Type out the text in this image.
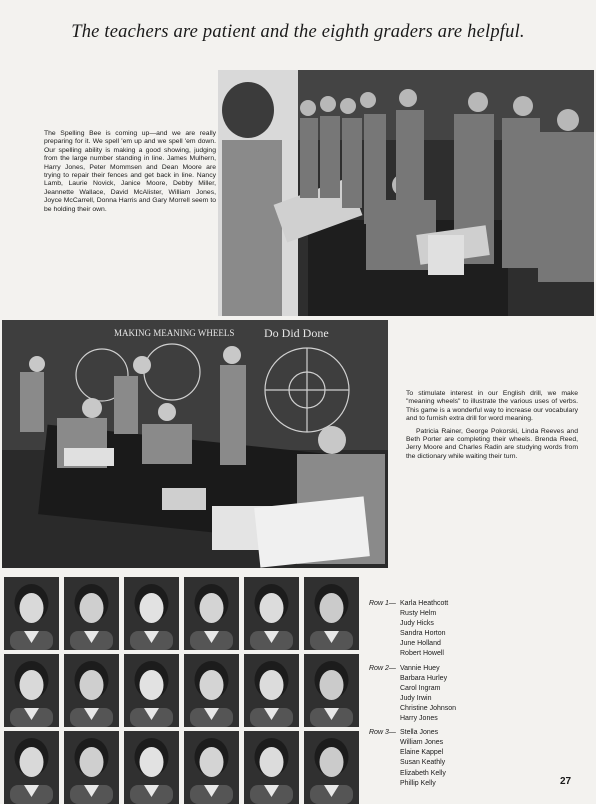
The teachers are patient and the eighth graders are helpful.

The Spelling Bee is coming up—and we are really preparing for it. We spell 'em up and we spell 'em down. Our spelling ability is making a good showing, judging from the large number standing in line. James Mulhern, Harry Jones, Peter Mommsen and Dean Moore are trying to repair their fences and get back in line. Nancy Lamb, Laurie Novick, Janice Moore, Debby Miller, Jeannette Wallace, David McAlister, William Jones, Joyce McCarrell, Donna Harris and Gary Morrell seem to be holding their own.

MAKING MEANING WHEELS Do Did Done

To stimulate interest in our English drill, we make "meaning wheels" to illustrate the various uses of verbs. This game is a wonderful way to increase our vocabulary and to furnish extra drill for word meaning.

Patricia Rainer, George Pokorski, Linda Reeves and Beth Porter are completing their wheels. Brenda Reed, Jerry Moore and Charles Radin are studying words from the dictionary while waiting their turn.

Row 1— Karla Heathcott
Rusty Helm
Judy Hicks
Sandra Horton
June Holland
Robert Howell
Row 2— Vannie Huey
Barbara Hurley
Carol Ingram
Judy Irwin
Christine Johnson
Harry Jones
Row 3— Stella Jones
William Jones
Elaine Kappel
Susan Keathly
Elizabeth Kelly
Phillip Kelly	27
